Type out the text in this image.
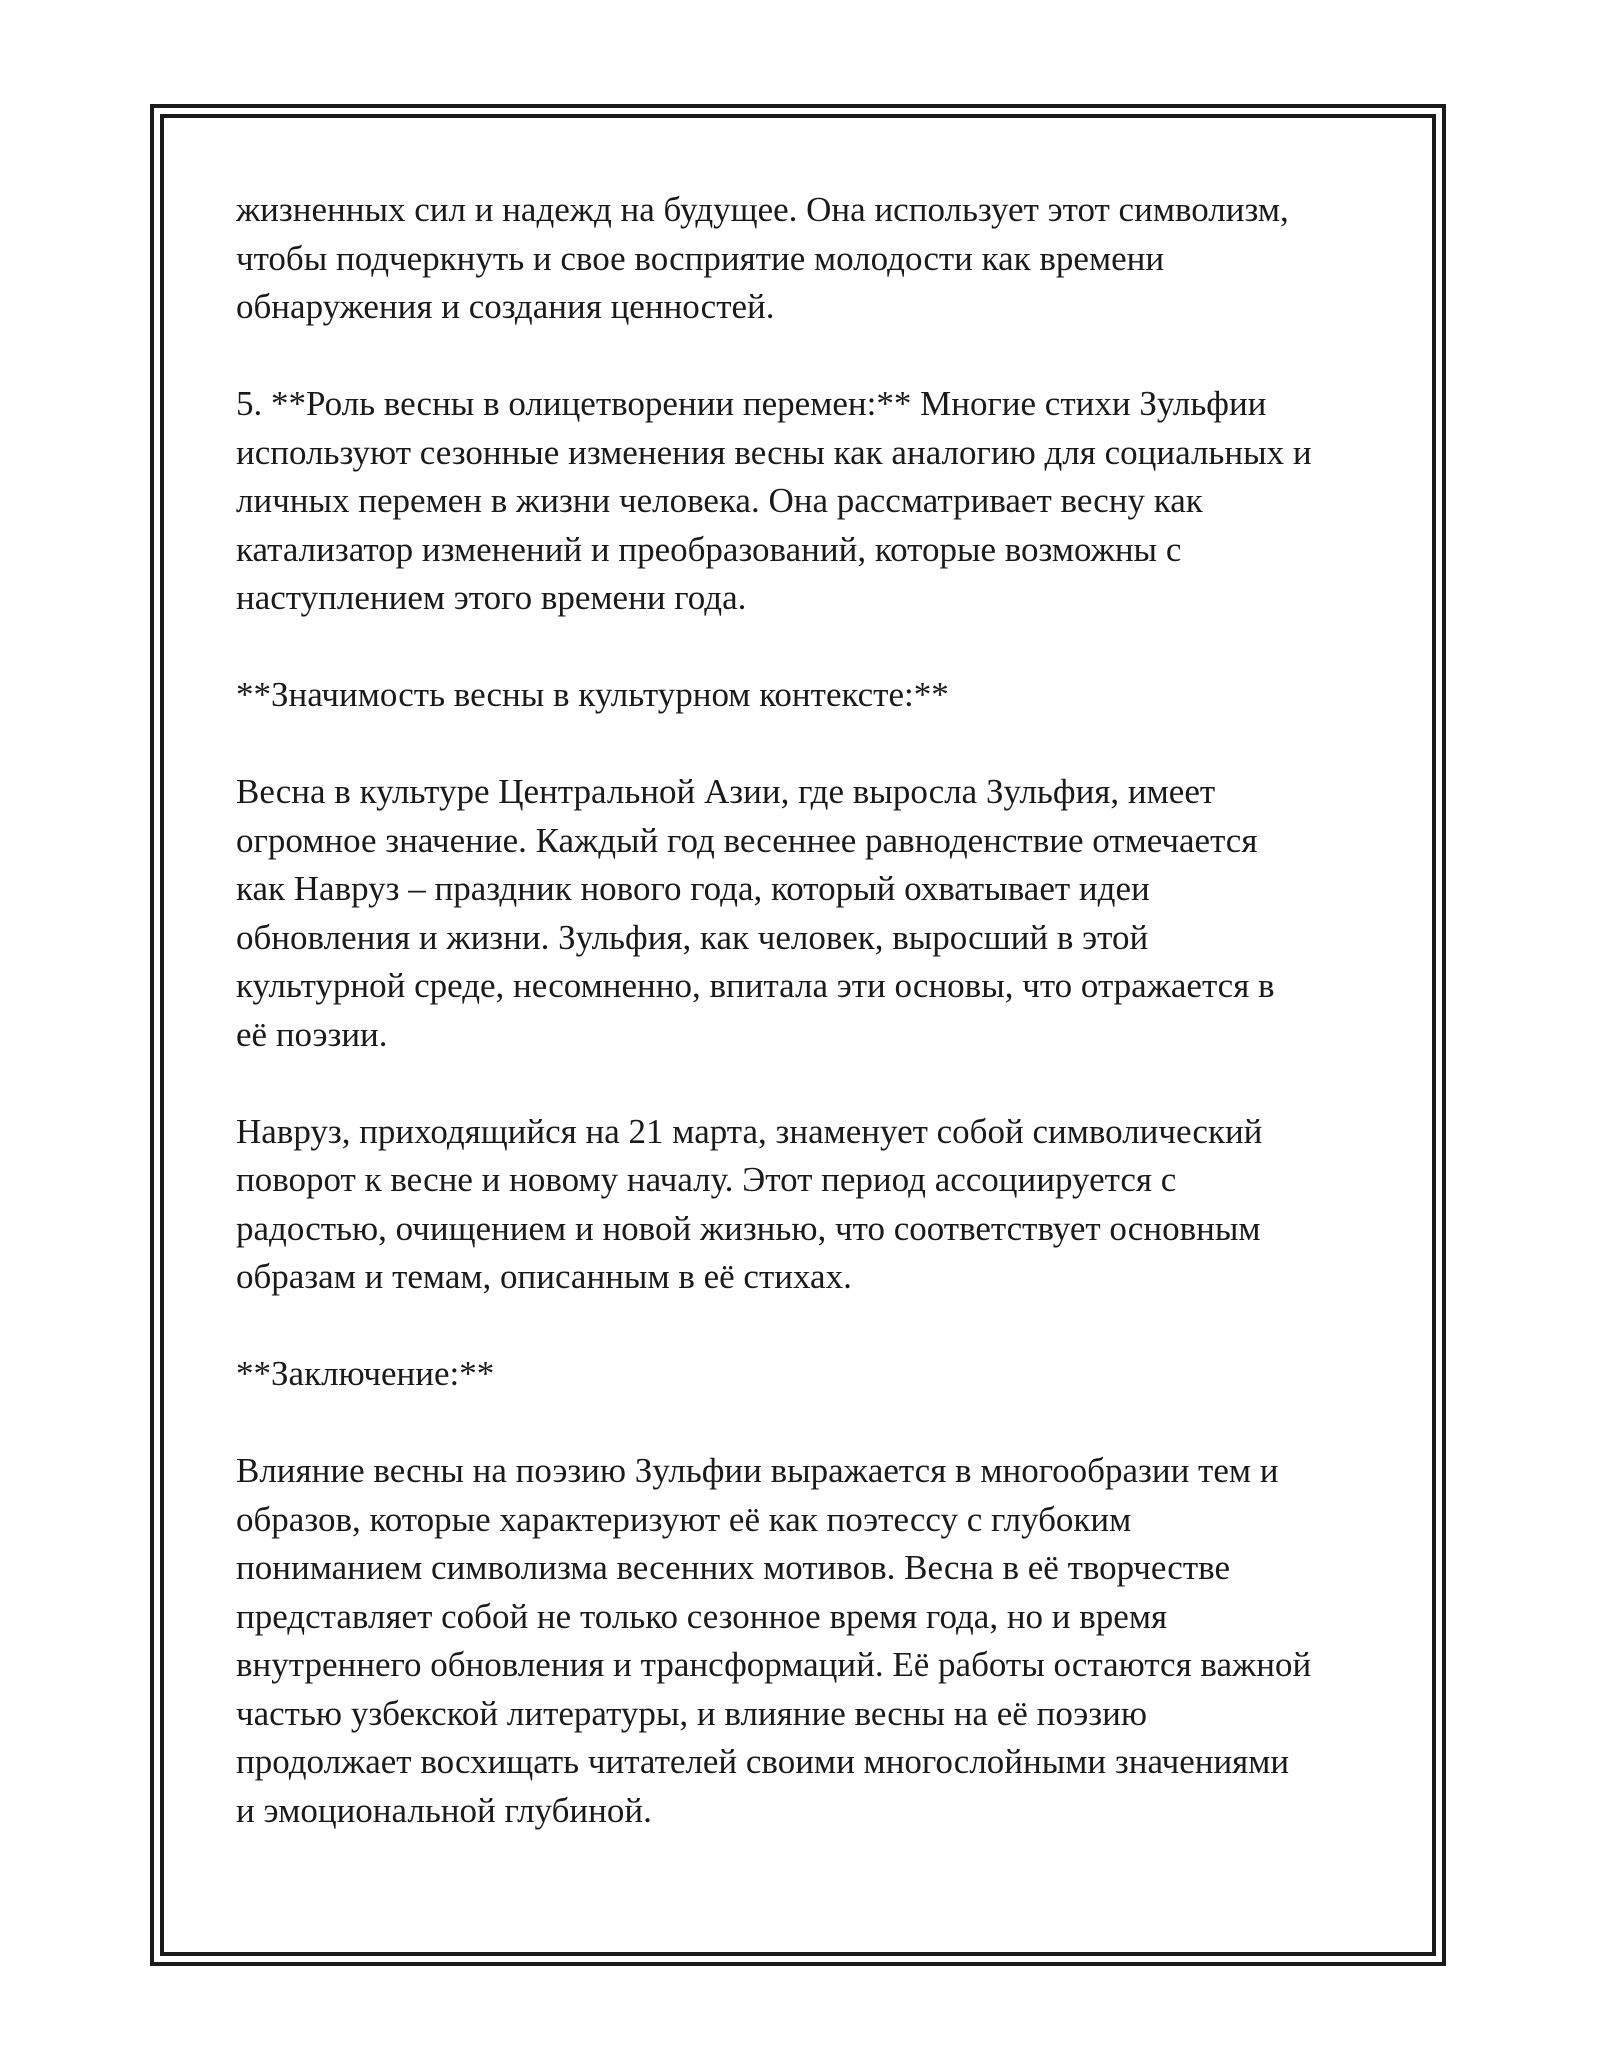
жизненных сил и надежд на будущее. Она использует этот символизм,
чтобы подчеркнуть и свое восприятие молодости как времени
обнаружения и создания ценностей.

5. **Роль весны в олицетворении перемен:** Многие стихи Зульфии
используют сезонные изменения весны как аналогию для социальных и
личных перемен в жизни человека. Она рассматривает весну как
катализатор изменений и преобразований, которые возможны с
наступлением этого времени года.

**Значимость весны в культурном контексте:**

Весна в культуре Центральной Азии, где выросла Зульфия, имеет
огромное значение. Каждый год весеннее равноденствие отмечается
как Навруз – праздник нового года, который охватывает идеи
обновления и жизни. Зульфия, как человек, выросший в этой
культурной среде, несомненно, впитала эти основы, что отражается в
её поэзии.

Навруз, приходящийся на 21 марта, знаменует собой символический
поворот к весне и новому началу. Этот период ассоциируется с
радостью, очищением и новой жизнью, что соответствует основным
образам и темам, описанным в её стихах.

**Заключение:**

Влияние весны на поэзию Зульфии выражается в многообразии тем и
образов, которые характеризуют её как поэтессу с глубоким
пониманием символизма весенних мотивов. Весна в её творчестве
представляет собой не только сезонное время года, но и время
внутреннего обновления и трансформаций. Её работы остаются важной
частью узбекской литературы, и влияние весны на её поэзию
продолжает восхищать читателей своими многослойными значениями
и эмоциональной глубиной.
